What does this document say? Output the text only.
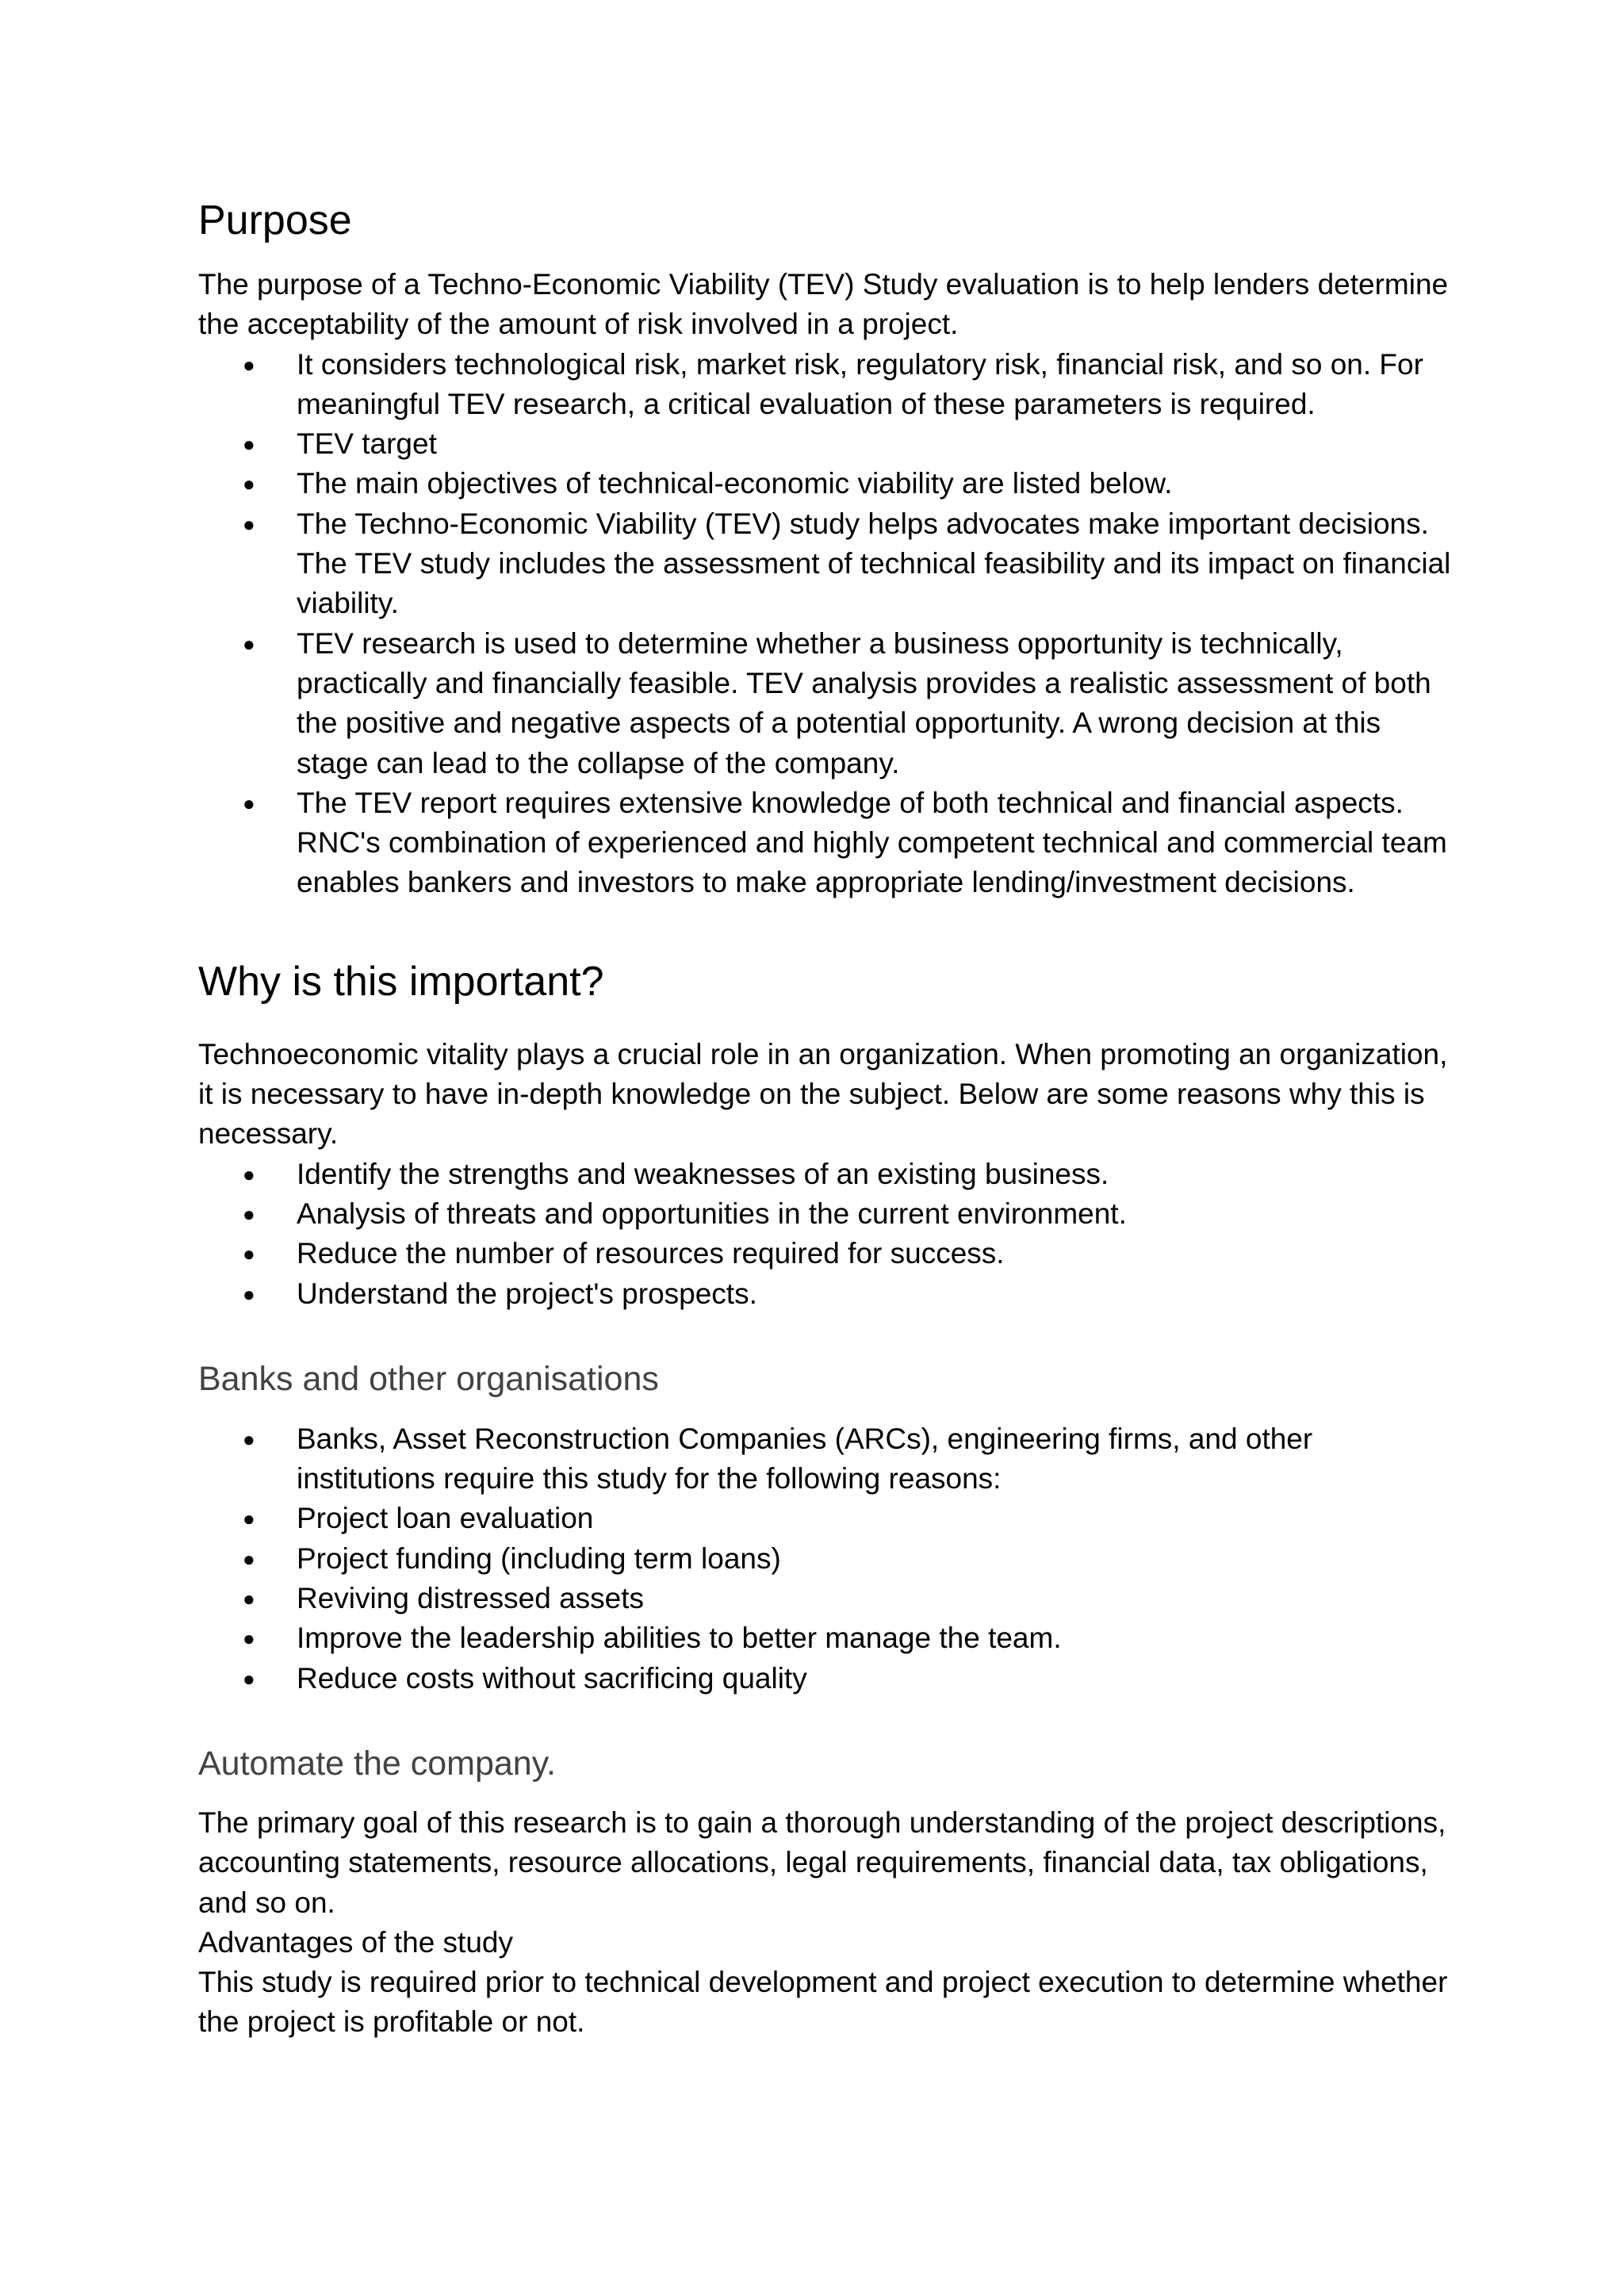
Purpose

The purpose of a Techno-Economic Viability (TEV) Study evaluation is to help lenders determine the acceptability of the amount of risk involved in a project.

● It considers technological risk, market risk, regulatory risk, financial risk, and so on. For meaningful TEV research, a critical evaluation of these parameters is required.
● TEV target
● The main objectives of technical-economic viability are listed below.
● The Techno-Economic Viability (TEV) study helps advocates make important decisions. The TEV study includes the assessment of technical feasibility and its impact on financial viability.
● TEV research is used to determine whether a business opportunity is technically, practically and financially feasible. TEV analysis provides a realistic assessment of both the positive and negative aspects of a potential opportunity. A wrong decision at this stage can lead to the collapse of the company.
● The TEV report requires extensive knowledge of both technical and financial aspects. RNC's combination of experienced and highly competent technical and commercial team enables bankers and investors to make appropriate lending/investment decisions.
Why is this important?

Technoeconomic vitality plays a crucial role in an organization. When promoting an organization, it is necessary to have in-depth knowledge on the subject. Below are some reasons why this is necessary.

● Identify the strengths and weaknesses of an existing business.
● Analysis of threats and opportunities in the current environment.
● Reduce the number of resources required for success.
● Understand the project's prospects.
Banks and other organisations
● Banks, Asset Reconstruction Companies (ARCs), engineering firms, and other institutions require this study for the following reasons:
● Project loan evaluation
● Project funding (including term loans)
● Reviving distressed assets
● Improve the leadership abilities to better manage the team.
● Reduce costs without sacrificing quality
Automate the company.

The primary goal of this research is to gain a thorough understanding of the project descriptions, accounting statements, resource allocations, legal requirements, financial data, tax obligations, and so on.

Advantages of the study

This study is required prior to technical development and project execution to determine whether the project is profitable or not.
